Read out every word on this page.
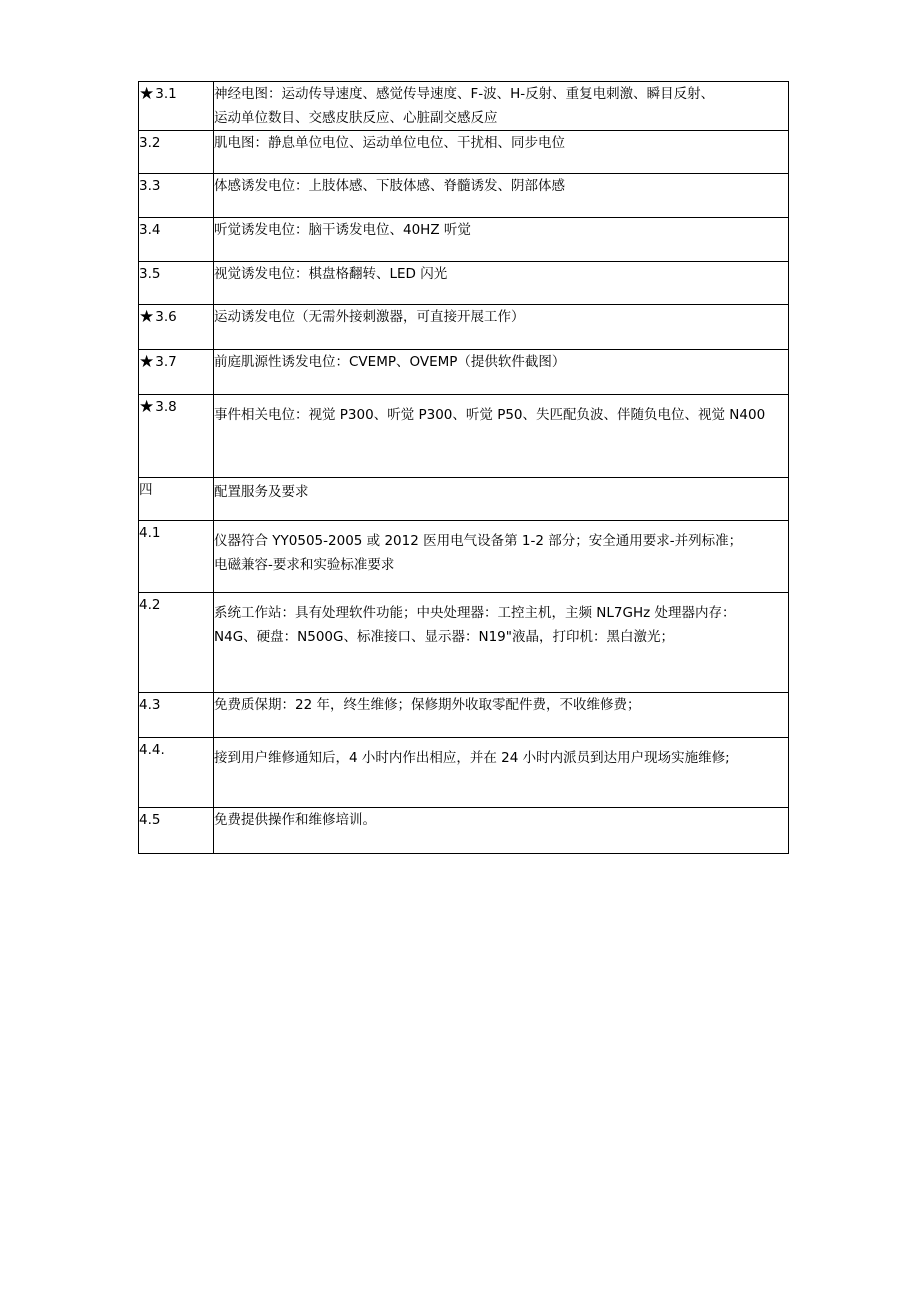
★3.1	神经电图：运动传导速度、感觉传导速度、F-波、H-反射、重复电刺激、瞬目反射、
运动单位数目、交感皮肤反应、心脏副交感反应

3.2	肌电图：静息单位电位、运动单位电位、干扰相、同步电位

3.3	体感诱发电位：上肢体感、下肢体感、脊髓诱发、阴部体感

3.4	听觉诱发电位：脑干诱发电位、40HZ 听觉

3.5	视觉诱发电位：棋盘格翻转、LED 闪光

★3.6	运动诱发电位（无需外接刺激器，可直接开展工作）

★3.7	前庭肌源性诱发电位：CVEMP、OVEMP（提供软件截图）

★3.8	事件相关电位：视觉 P300、听觉 P300、听觉 P50、失匹配负波、伴随负电位、视觉 N400

四	配置服务及要求

4.1	仪器符合 YY0505-2005 或 2012 医用电气设备第 1-2 部分；安全通用要求-并列标准；
电磁兼容-要求和实验标准要求

4.2	系统工作站：具有处理软件功能；中央处理器：工控主机，主频 NL7GHz 处理器内存：
N4G、硬盘：N500G、标准接口、显示器：N19"液晶，打印机：黑白激光；

4.3	免费质保期：22 年，终生维修；保修期外收取零配件费，不收维修费；

4.4.	接到用户维修通知后，4 小时内作出相应，并在 24 小时内派员到达用户现场实施维修;

4.5	免费提供操作和维修培训。
